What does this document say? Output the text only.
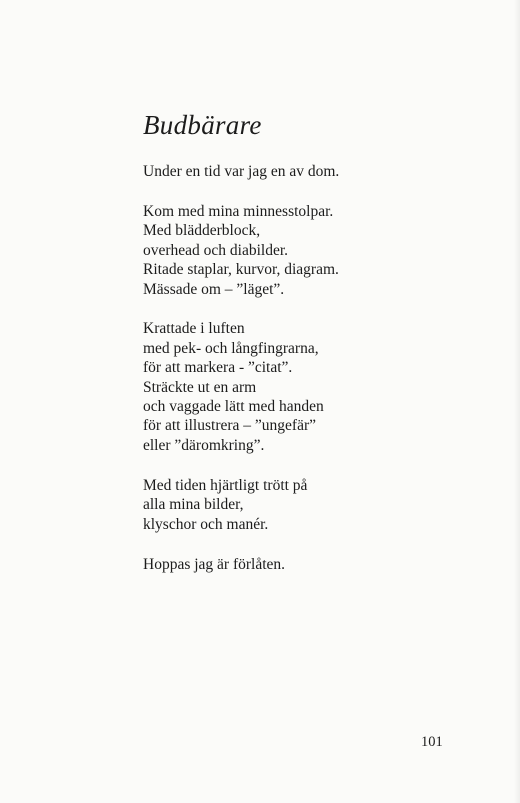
Budbärare
Under en tid var jag en av dom.
Kom med mina minnesstolpar.
Med blädderblock,
overhead och diabilder.
Ritade staplar, kurvor, diagram.
Mässade om – ”läget”.
Krattade i luften
med pek- och långfingrarna,
för att markera - ”citat”.
Sträckte ut en arm
och vaggade lätt med handen
för att illustrera – ”ungefär”
eller ”däromkring”.
Med tiden hjärtligt trött på
alla mina bilder,
klyschor och manér.
Hoppas jag är förlåten.
101
